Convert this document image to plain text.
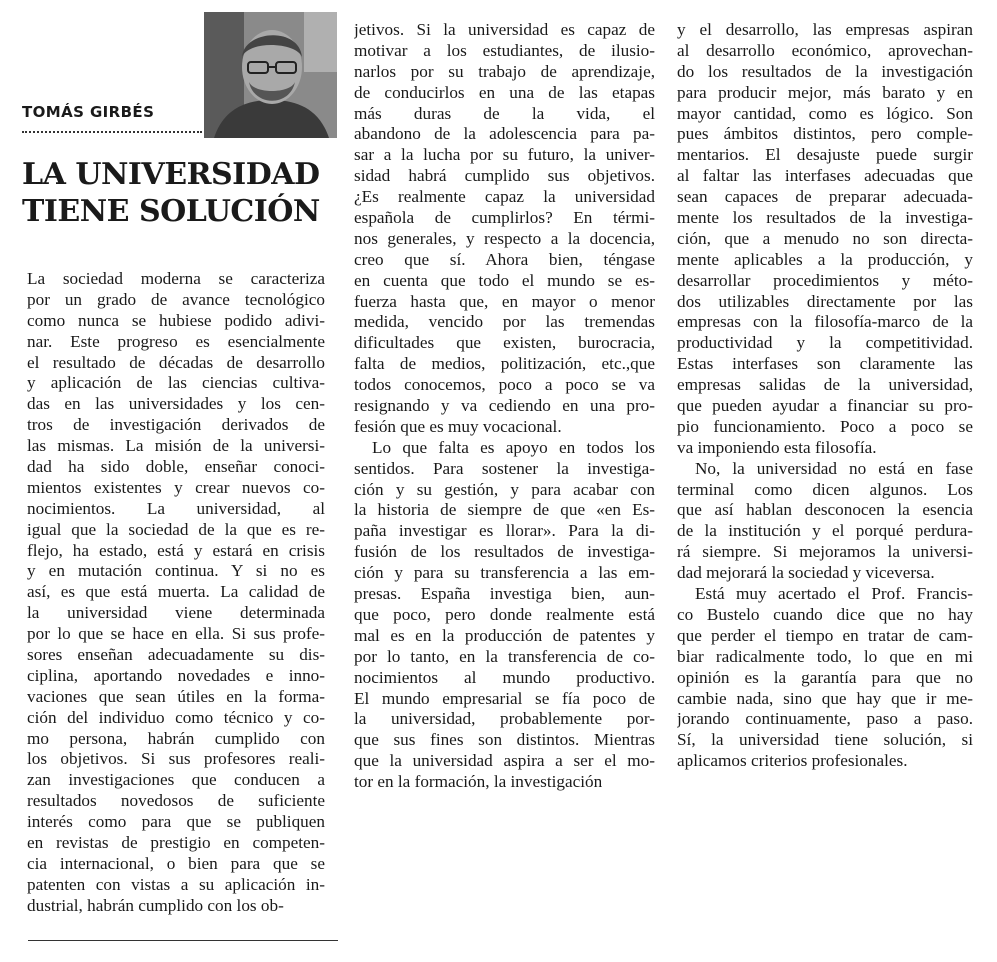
TOMÁS GIRBÉS
LA UNIVERSIDAD
TIENE SOLUCIÓN
La sociedad moderna se caracteriza
por un grado de avance tecnológico
como nunca se hubiese podido adivi-
nar. Este progreso es esencialmente
el resultado de décadas de desarrollo
y aplicación de las ciencias cultiva-
das en las universidades y los cen-
tros de investigación derivados de
las mismas. La misión de la universi-
dad ha sido doble, enseñar conoci-
mientos existentes y crear nuevos co-
nocimientos. La universidad, al
igual que la sociedad de la que es re-
flejo, ha estado, está y estará en crisis
y en mutación continua. Y si no es
así, es que está muerta. La calidad de
la universidad viene determinada
por lo que se hace en ella. Si sus profe-
sores enseñan adecuadamente su dis-
ciplina, aportando novedades e inno-
vaciones que sean útiles en la forma-
ción del individuo como técnico y co-
mo persona, habrán cumplido con
los objetivos. Si sus profesores reali-
zan investigaciones que conducen a
resultados novedosos de suficiente
interés como para que se publiquen
en revistas de prestigio en competen-
cia internacional, o bien para que se
patenten con vistas a su aplicación in-
dustrial, habrán cumplido con los ob-
jetivos. Si la universidad es capaz de
motivar a los estudiantes, de ilusio-
narlos por su trabajo de aprendizaje,
de conducirlos en una de las etapas
más duras de la vida, el
abandono de la adolescencia para pa-
sar a la lucha por su futuro, la univer-
sidad habrá cumplido sus objetivos.
¿Es realmente capaz la universidad
española de cumplirlos? En térmi-
nos generales, y respecto a la docencia,
creo que sí. Ahora bien, téngase
en cuenta que todo el mundo se es-
fuerza hasta que, en mayor o menor
medida, vencido por las tremendas
dificultades que existen, burocracia,
falta de medios, politización, etc.,que
todos conocemos, poco a poco se va
resignando y va cediendo en una pro-
fesión que es muy vocacional.
Lo que falta es apoyo en todos los
sentidos. Para sostener la investiga-
ción y su gestión, y para acabar con
la historia de siempre de que «en Es-
paña investigar es llorar». Para la di-
fusión de los resultados de investiga-
ción y para su transferencia a las em-
presas. España investiga bien, aun-
que poco, pero donde realmente está
mal es en la producción de patentes y
por lo tanto, en la transferencia de co-
nocimientos al mundo productivo.
El mundo empresarial se fía poco de
la universidad, probablemente por-
que sus fines son distintos. Mientras
que la universidad aspira a ser el mo-
tor en la formación, la investigación
y el desarrollo, las empresas aspiran
al desarrollo económico, aprovechan-
do los resultados de la investigación
para producir mejor, más barato y en
mayor cantidad, como es lógico. Son
pues ámbitos distintos, pero comple-
mentarios. El desajuste puede surgir
al faltar las interfases adecuadas que
sean capaces de preparar adecuada-
mente los resultados de la investiga-
ción, que a menudo no son directa-
mente aplicables a la producción, y
desarrollar procedimientos y méto-
dos utilizables directamente por las
empresas con la filosofía-marco de la
productividad y la competitividad.
Estas interfases son claramente las
empresas salidas de la universidad,
que pueden ayudar a financiar su pro-
pio funcionamiento. Poco a poco se
va imponiendo esta filosofía.
No, la universidad no está en fase
terminal como dicen algunos. Los
que así hablan desconocen la esencia
de la institución y el porqué perdura-
rá siempre. Si mejoramos la universi-
dad mejorará la sociedad y viceversa.
Está muy acertado el Prof. Francis-
co Bustelo cuando dice que no hay
que perder el tiempo en tratar de cam-
biar radicalmente todo, lo que en mi
opinión es la garantía para que no
cambie nada, sino que hay que ir me-
jorando continuamente, paso a paso.
Sí, la universidad tiene solución, si
aplicamos criterios profesionales.
